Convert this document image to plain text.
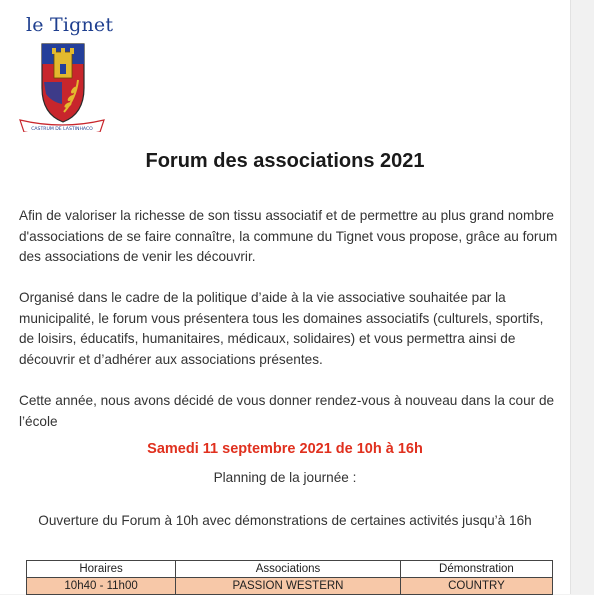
le Tignet
CASTRUM DE LASTINHACO
Forum des associations 2021
Afin de valoriser la richesse de son tissu associatif et de permettre au plus grand nombre d'associations de se faire connaître, la commune du Tignet vous propose, grâce au forum des associations de venir les découvrir.
Organisé dans le cadre de la politique d’aide à la vie associative souhaitée par la municipalité, le forum vous présentera tous les domaines associatifs (culturels, sportifs, de loisirs, éducatifs, humanitaires, médicaux, solidaires) et vous permettra ainsi de découvrir et d’adhérer aux associations présentes.
Cette année, nous avons décidé de vous donner rendez-vous à nouveau dans la cour de l’école
Samedi 11 septembre 2021 de 10h à 16h
Planning de la journée :
Ouverture du Forum à 10h avec démonstrations de certaines activités jusqu’à 16h
Horaires	Associations	Démonstration
10h40 - 11h00	PASSION WESTERN	COUNTRY
